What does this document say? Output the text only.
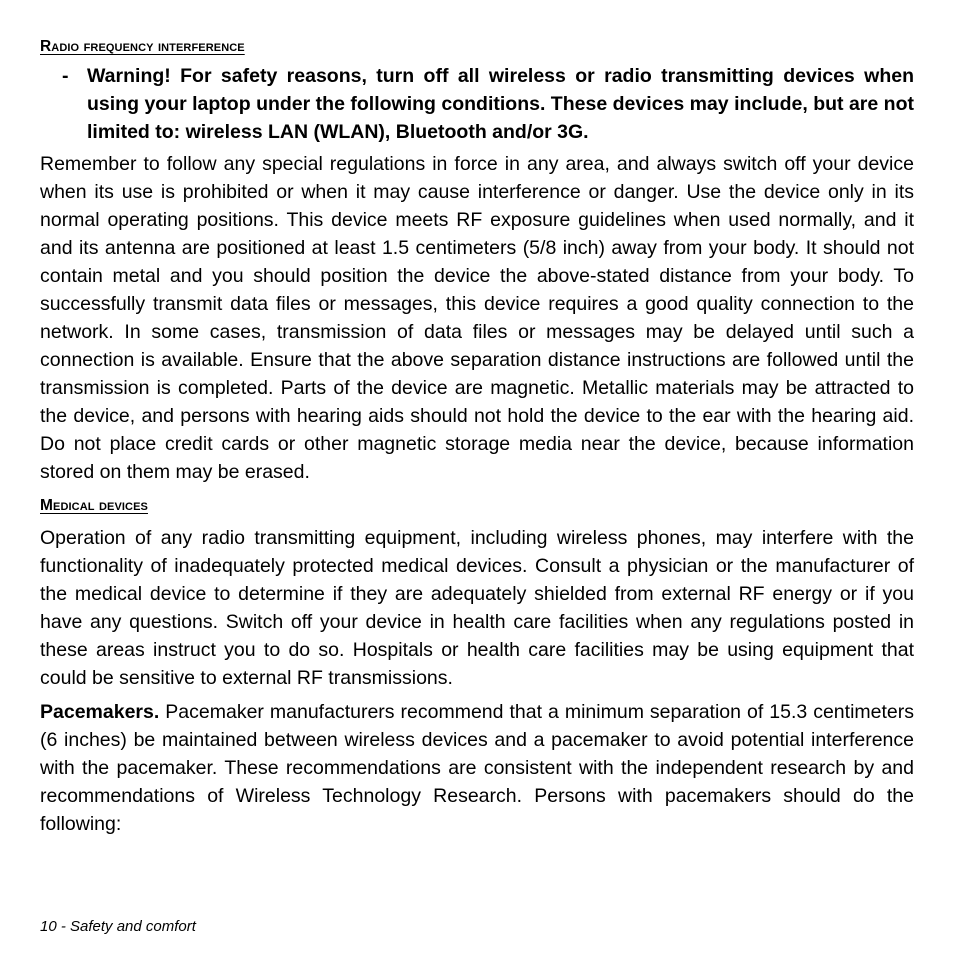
Radio frequency interference
- Warning! For safety reasons, turn off all wireless or radio transmitting devices when using your laptop under the following conditions. These devices may include, but are not limited to: wireless LAN (WLAN), Bluetooth and/or 3G.

Remember to follow any special regulations in force in any area, and always switch off your device when its use is prohibited or when it may cause interference or danger. Use the device only in its normal operating positions. This device meets RF exposure guidelines when used normally, and it and its antenna are positioned at least 1.5 centimeters (5/8 inch) away from your body. It should not contain metal and you should position the device the above-stated distance from your body. To successfully transmit data files or messages, this device requires a good quality connection to the network. In some cases, transmission of data files or messages may be delayed until such a connection is available. Ensure that the above separation distance instructions are followed until the transmission is completed. Parts of the device are magnetic. Metallic materials may be attracted to the device, and persons with hearing aids should not hold the device to the ear with the hearing aid. Do not place credit cards or other magnetic storage media near the device, because information stored on them may be erased.

Medical devices

Operation of any radio transmitting equipment, including wireless phones, may interfere with the functionality of inadequately protected medical devices. Consult a physician or the manufacturer of the medical device to determine if they are adequately shielded from external RF energy or if you have any questions. Switch off your device in health care facilities when any regulations posted in these areas instruct you to do so. Hospitals or health care facilities may be using equipment that could be sensitive to external RF transmissions.

Pacemakers. Pacemaker manufacturers recommend that a minimum separation of 15.3 centimeters (6 inches) be maintained between wireless devices and a pacemaker to avoid potential interference with the pacemaker. These recommendations are consistent with the independent research by and recommendations of Wireless Technology Research. Persons with pacemakers should do the following:

10 - Safety and comfort
